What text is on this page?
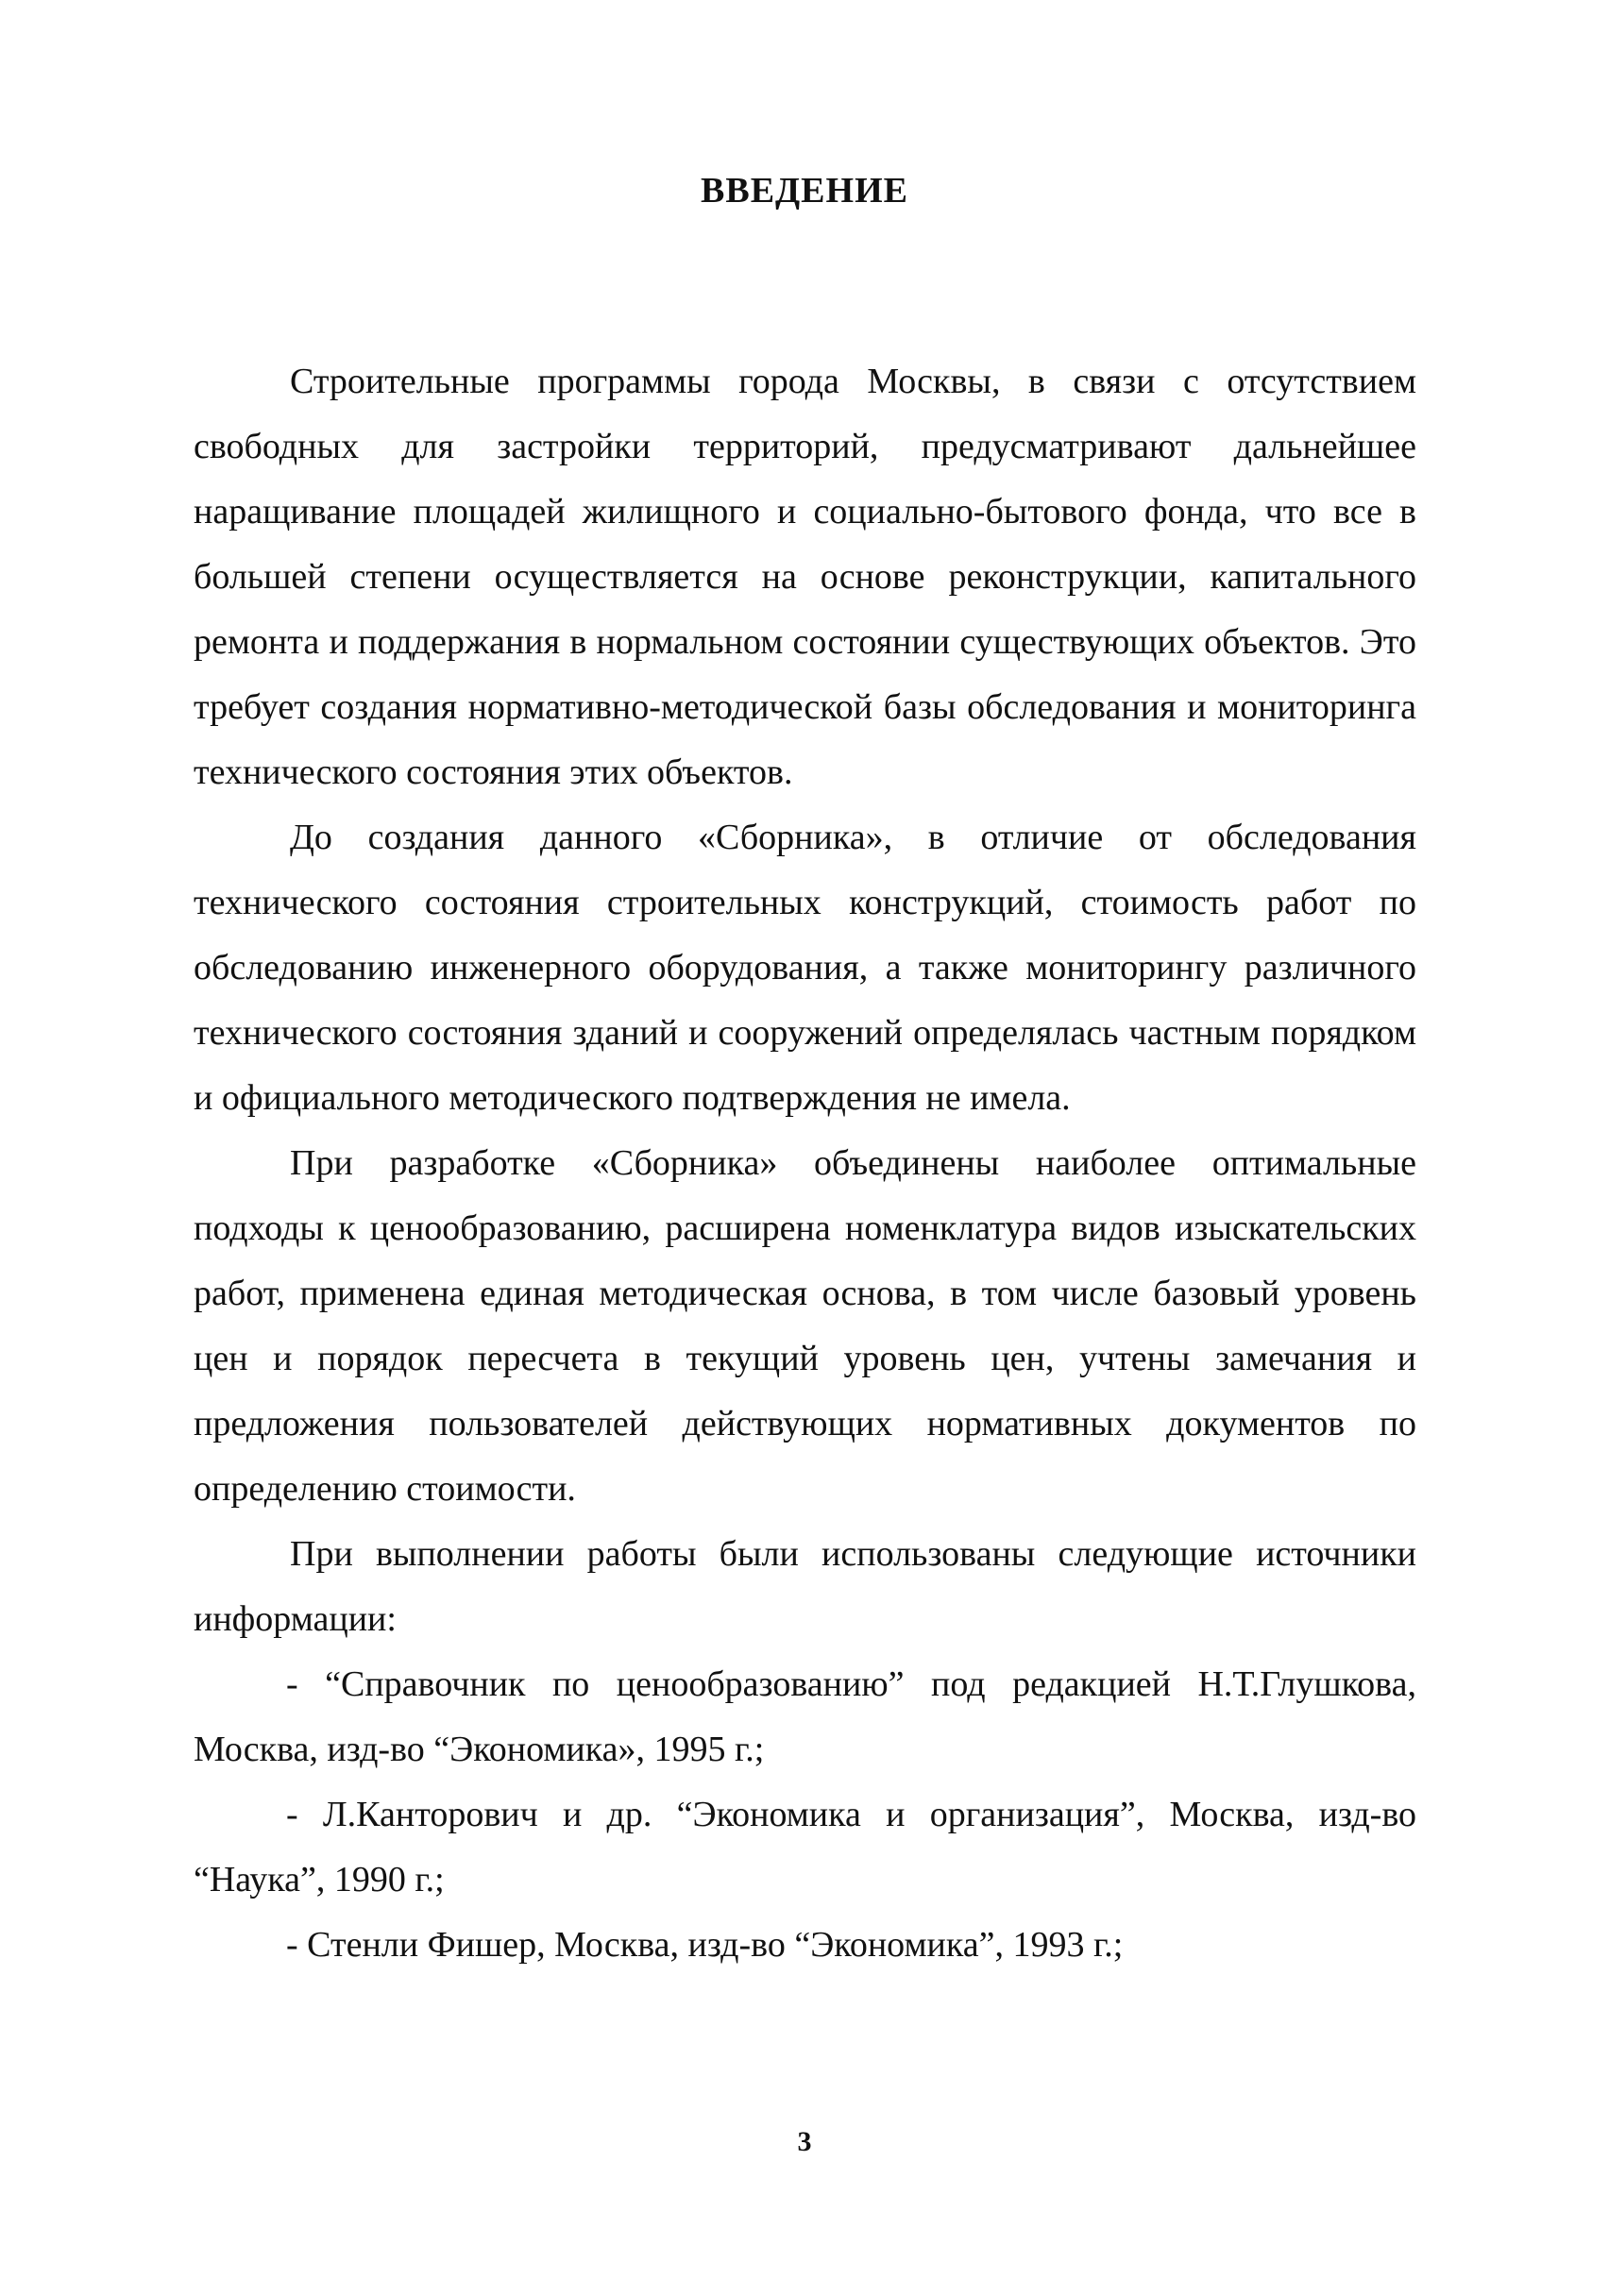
ВВЕДЕНИЕ

Строительные программы города Москвы, в связи с отсутствием свободных для застройки территорий, предусматривают дальнейшее наращивание площадей жилищного и социально-бытового фонда, что все в большей степени осуществляется на основе реконструкции, капитального ремонта и поддержания в нормальном состоянии существующих объектов. Это требует создания нормативно-методической базы обследования и мониторинга технического состояния этих объектов.

До создания данного «Сборника», в отличие от обследования технического состояния строительных конструкций, стоимость работ по обследованию инженерного оборудования, а также мониторингу различного технического состояния зданий и сооружений определялась частным порядком и официального методического подтверждения не имела.

При разработке «Сборника» объединены наиболее оптимальные подходы к ценообразованию, расширена номенклатура видов изыскательских работ, применена единая методическая основа, в том числе базовый уровень цен и порядок пересчета в текущий уровень цен, учтены замечания и предложения пользователей действующих нормативных документов по определению стоимости.

При выполнении работы были использованы следующие источники информации:

- “Справочник по ценообразованию” под редакцией Н.Т.Глушкова, Москва, изд-во “Экономика», 1995 г.;

- Л.Канторович и др. “Экономика и организация”, Москва, изд-во “Наука”, 1990 г.;

- Стенли Фишер, Москва, изд-во “Экономика”, 1993 г.;

3
